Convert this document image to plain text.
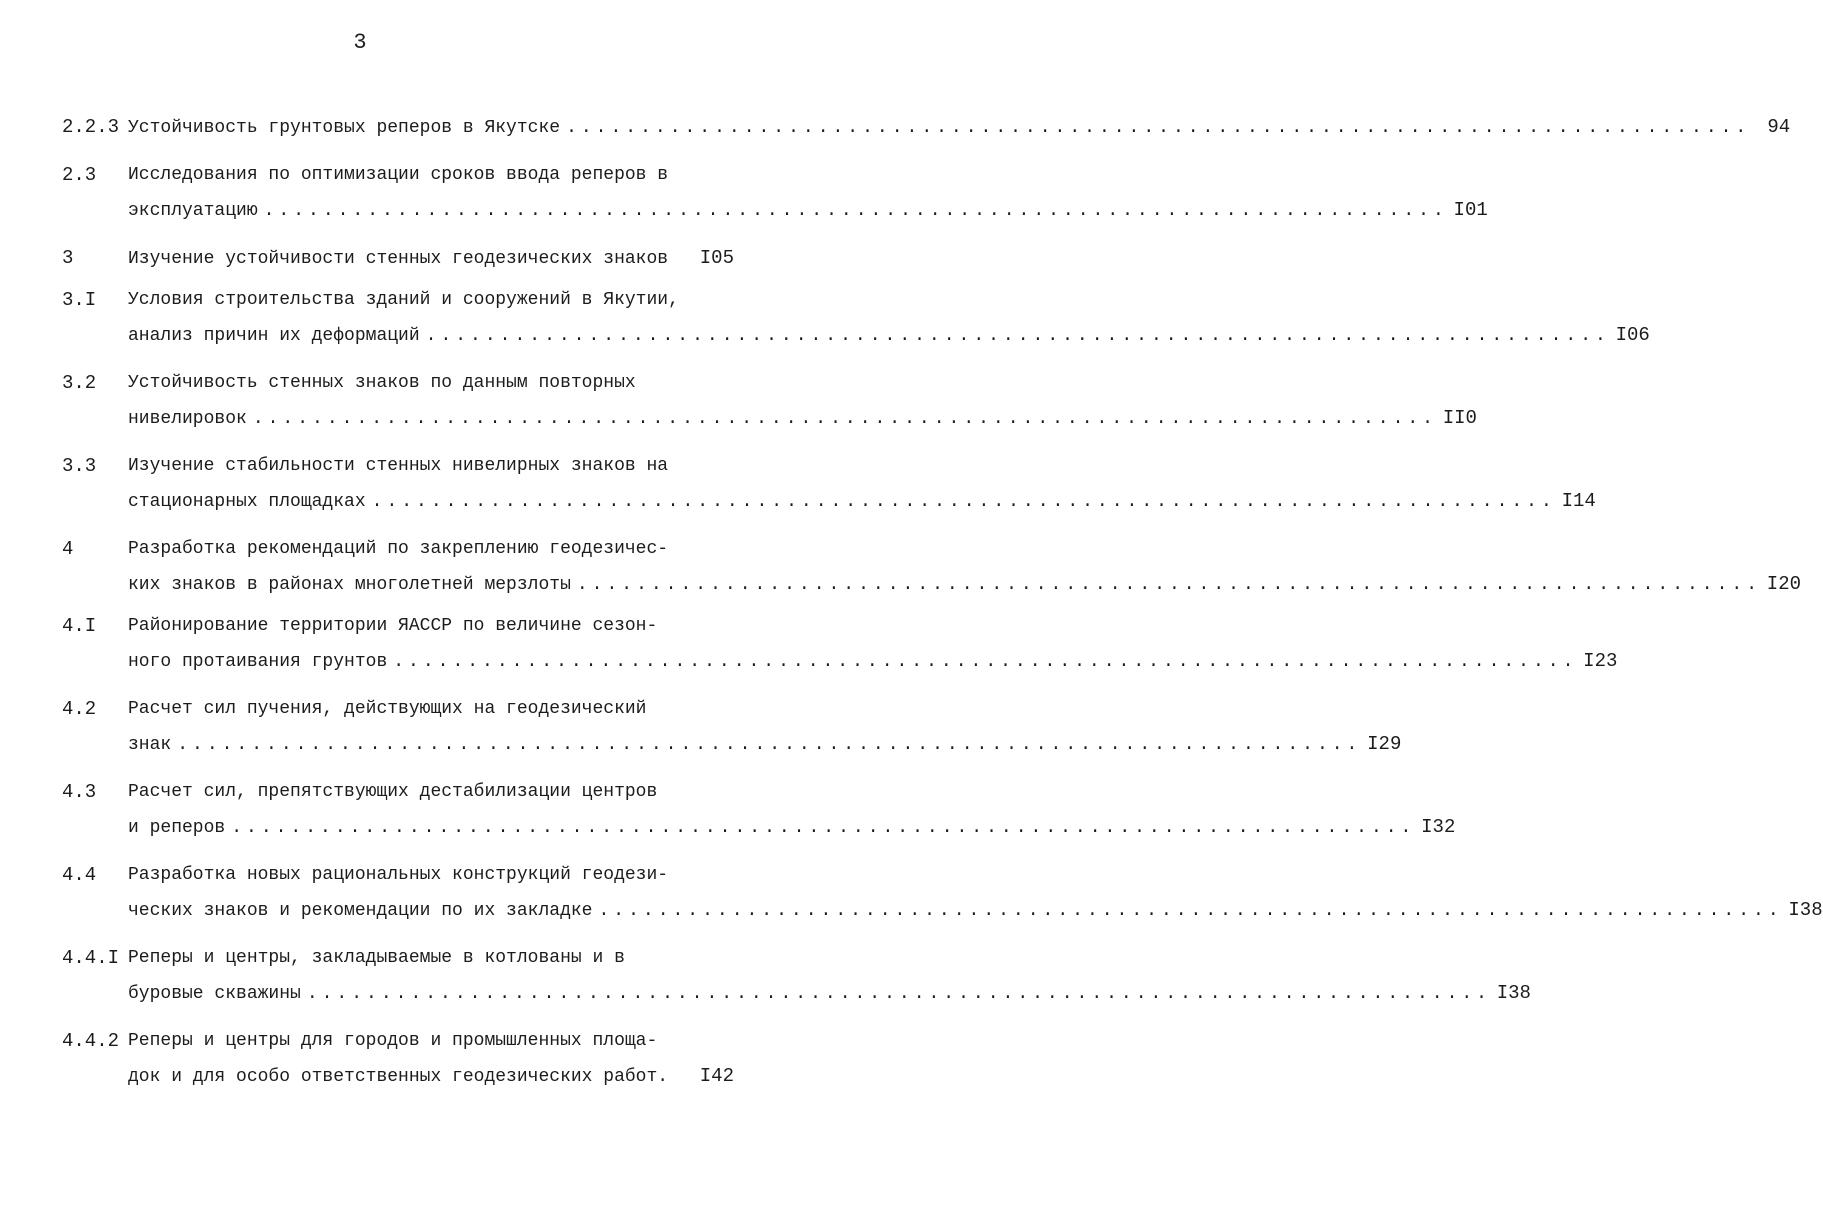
3
2.2.3 Устойчивость грунтовых реперов в Якутске ................................................................................ 94
2.3	Исследования по оптимизации сроков ввода реперов в
эксплуатацию ................................................................................ I01
3	Изучение устойчивости стенных геодезических знаков	I05
3.I	Условия строительства зданий и сооружений в Якутии,
анализ причин их деформаций ................................................................................ I06
3.2	Устойчивость стенных знаков по данным повторных
нивелировок ................................................................................ II0
3.3	Изучение стабильности стенных нивелирных знаков на
стационарных площадках ................................................................................ I14
4	Разработка рекомендаций по закреплению геодезичес-
ких знаков в районах многолетней мерзлоты ................................................................................ I20
4.I	Районирование территории ЯАССР по величине сезон-
ного протаивания грунтов ................................................................................ I23
4.2	Расчет сил пучения, действующих на геодезический
знак ................................................................................ I29
4.3	Расчет сил, препятствующих дестабилизации центров
и реперов ................................................................................ I32
4.4	Разработка новых рациональных конструкций геодези-
ческих знаков и рекомендации по их закладке ................................................................................ I38
4.4.I Реперы и центры, закладываемые в котлованы и в
буровые скважины ................................................................................ I38
4.4.2 Реперы и центры для городов и промышленных площа-
док и для особо ответственных геодезических работ.	I42
